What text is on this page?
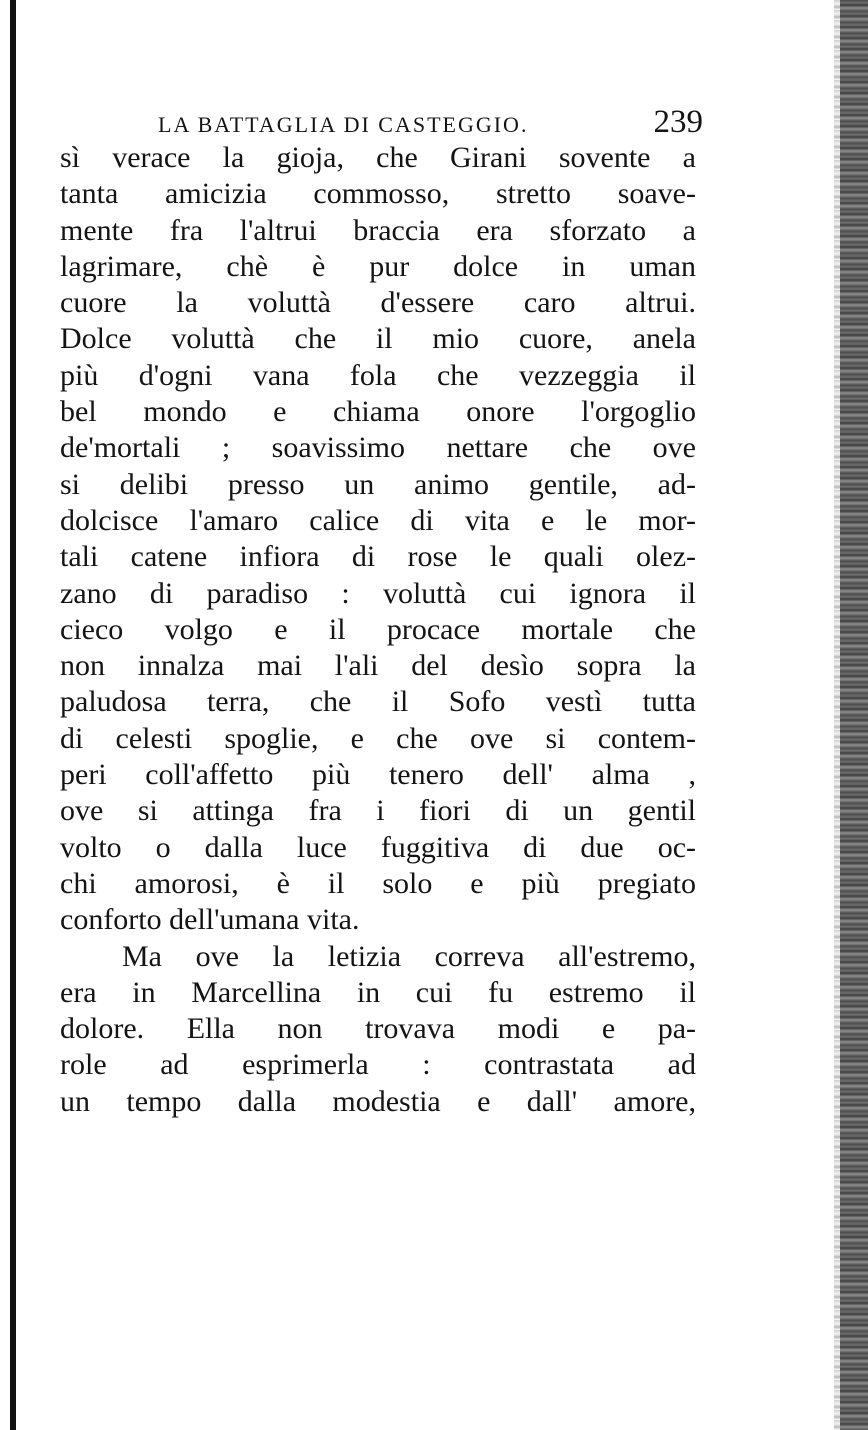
LA BATTAGLIA DI CASTEGGIO.	239
sì verace la gioja, che Girani sovente a
tanta amicizia commosso, stretto soave-
mente fra l'altrui braccia era sforzato a
lagrimare, chè è pur dolce in uman
cuore la voluttà d'essere caro altrui.
Dolce voluttà che il mio cuore, anela
più d'ogni vana fola che vezzeggia il
bel mondo e chiama onore l'orgoglio
de'mortali ; soavissimo nettare che ove
si delibi presso un animo gentile, ad-
dolcisce l'amaro calice di vita e le mor-
tali catene infiora di rose le quali olez-
zano di paradiso : voluttà cui ignora il
cieco volgo e il procace mortale che
non innalza mai l'ali del desìo sopra la
paludosa terra, che il Sofo vestì tutta
di celesti spoglie, e che ove si contem-
peri coll'affetto più tenero dell' alma ,
ove si attinga fra i fiori di un gentil
volto o dalla luce fuggitiva di due oc-
chi amorosi, è il solo e più pregiato
conforto dell'umana vita.
Ma ove la letizia correva all'estremo,
era in Marcellina in cui fu estremo il
dolore. Ella non trovava modi e pa-
role ad esprimerla : contrastata ad
un tempo dalla modestia e dall' amore,
